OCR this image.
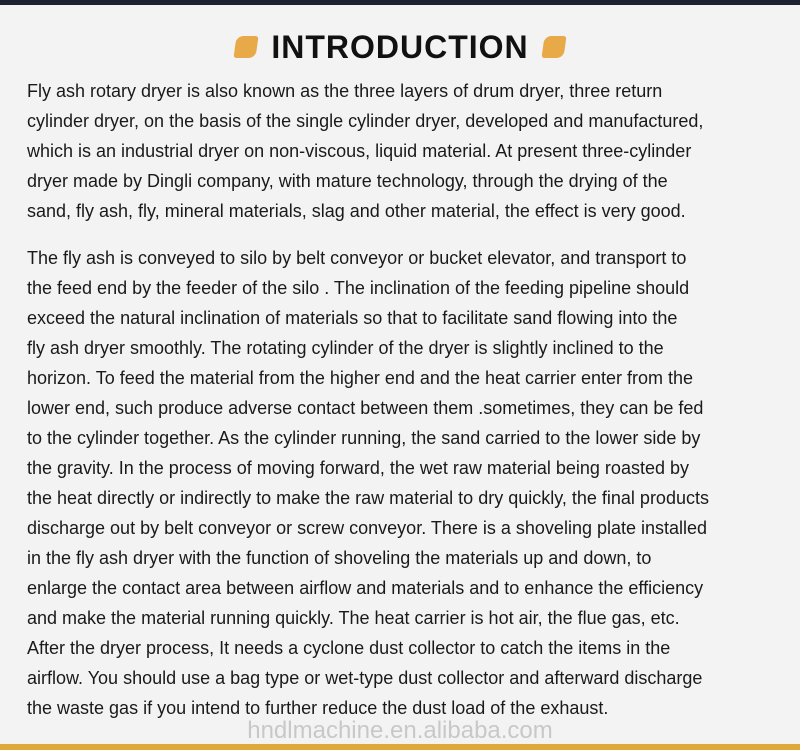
INTRODUCTION

Fly ash rotary dryer is also known as the three layers of drum dryer, three return
cylinder dryer, on the basis of the single cylinder dryer, developed and manufactured,
which is an industrial dryer on non-viscous, liquid material. At present three-cylinder
dryer made by Dingli company, with mature technology, through the drying of the
sand, fly ash, fly, mineral materials, slag and other material, the effect is very good.

The fly ash is conveyed to silo by belt conveyor or bucket elevator, and transport to
the feed end by the feeder of the silo . The inclination of the feeding pipeline should
exceed the natural inclination of materials so that to facilitate sand flowing into the
fly ash dryer smoothly. The rotating cylinder of the dryer is slightly inclined to the
horizon. To feed the material from the higher end and the heat carrier enter from the
lower end, such produce adverse contact between them .sometimes, they can be fed
to the cylinder together. As the cylinder running, the sand carried to the lower side by
the gravity. In the process of moving forward, the wet raw material being roasted by
the heat directly or indirectly to make the raw material to dry quickly, the final products
discharge out by belt conveyor or screw conveyor. There is a shoveling plate installed
in the fly ash dryer with the function of shoveling the materials up and down, to
enlarge the contact area between airflow and materials and to enhance the efficiency
and make the material running quickly. The heat carrier is hot air, the flue gas, etc.
After the dryer process, It needs a cyclone dust collector to catch the items in the
airflow. You should use a bag type or wet-type dust collector and afterward discharge
the waste gas if you intend to further reduce the dust load of the exhaust.

hndlmachine.en.alibaba.com
